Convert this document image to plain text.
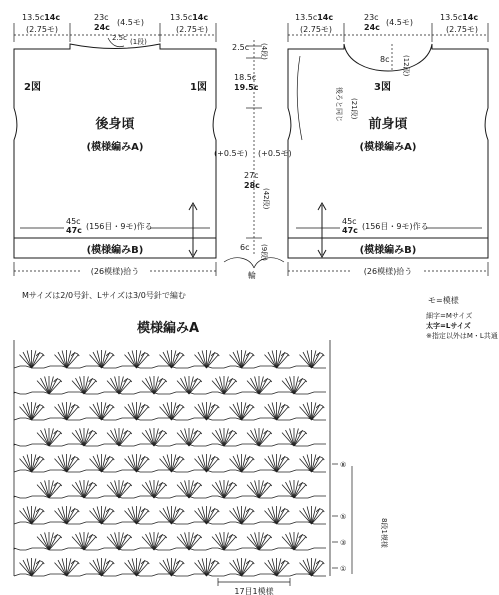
13.5c14c
(2.75モ)
23c
24c
(4.5モ)
13.5c14c
(2.75モ)
2.5c (1段)
2図	1図
後身頃
(模様編みA)
45c
47c (156目・9モ)作る
(模様編みB)
(26模様)拾う
2.5c (4段)
18.5c
19.5c
(+0.5モ) (+0.5モ)
27c
28c
(42段)
6c (9段)
輪
13.5c14c
(2.75モ)
23c
24c
(4.5モ)
13.5c14c
(2.75モ)
8c (12段)
後ろと同じ (21段)
3図
前身頃
(模様編みA)
45c
47c (156目・9モ)作る
(模様編みB)
(26模様)拾う
Mサイズは2/0号針、Lサイズは3/0号針で編む
モ=模様
細字=Mサイズ
太字=Lサイズ
※指定以外はM・L共通
模様編みA
⑧
⑤
③
①
8段1模様
17目1模様
